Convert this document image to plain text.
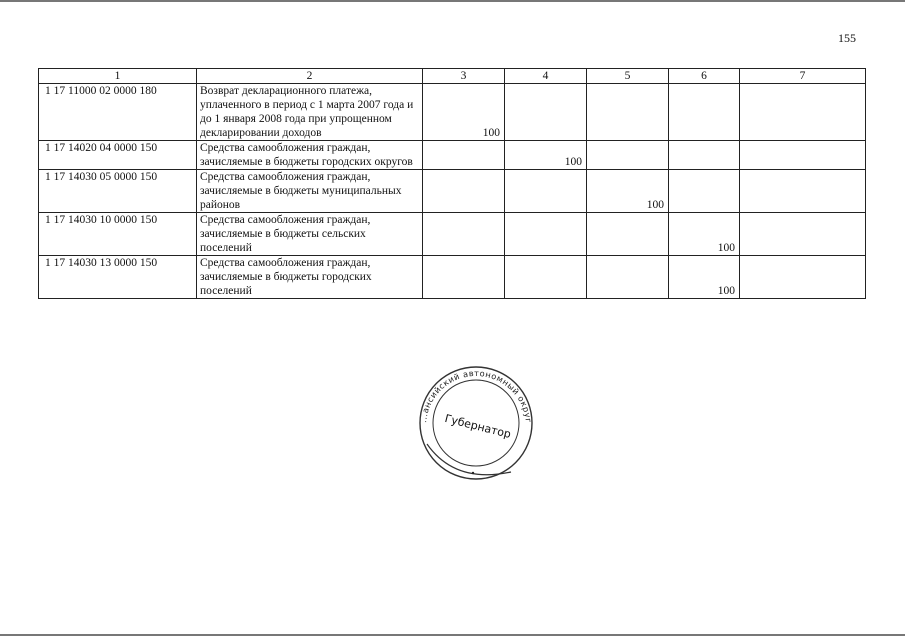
155
1	2	3	4	5	6	7
1 17 11000 02 0000 180	Возврат декларационного платежа, уплаченного в период с 1 марта 2007 года и до 1 января 2008 года при упрощенном декларировании доходов	100				
1 17 14020 04 0000 150	Средства самообложения граждан, зачисляемые в бюджеты городских округов		100			
1 17 14030 05 0000 150	Средства самообложения граждан, зачисляемые в бюджеты муниципальных районов			100		
1 17 14030 10 0000 150	Средства самообложения граждан, зачисляемые в бюджеты сельских поселений				100	
1 17 14030 13 0000 150	Средства самообложения граждан, зачисляемые в бюджеты городских поселений				100	
...ансийский автономный округ
Губернатор
